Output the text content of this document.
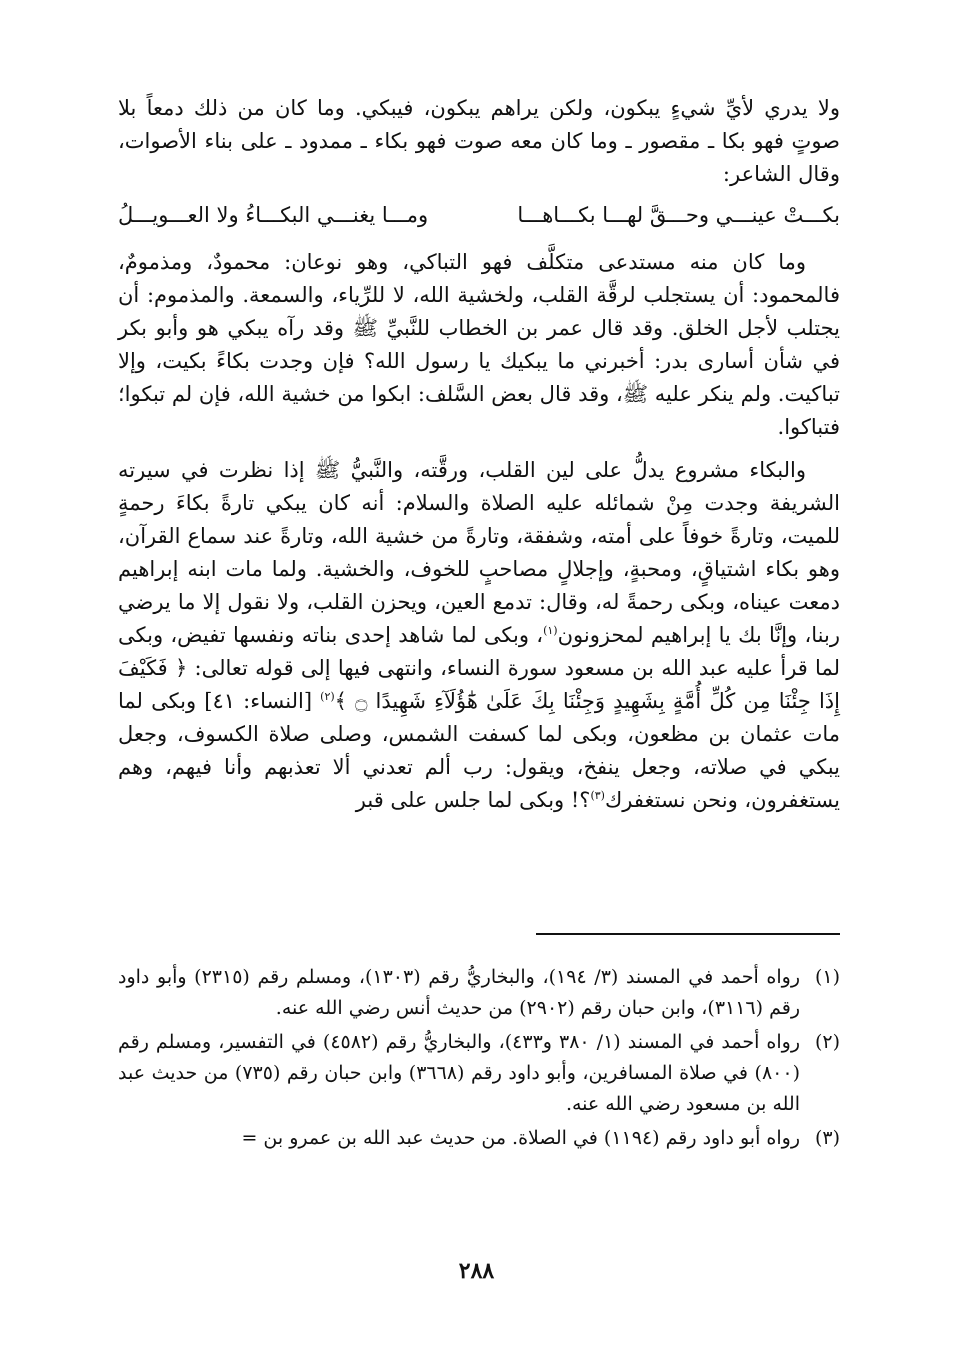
ولا يدري لأيِّ شيءٍ يبكون، ولكن يراهم يبكون، فيبكي. وما كان من ذلك دمعاً بلا صوتٍ فهو بكا ـ مقصور ـ وما كان معه صوت فهو بكاء ـ ممدود ـ على بناء الأصوات، وقال الشاعر:

بكـــتْ عينـــي وحـــقَّ لهـــا بكـــاهـــا
ومـــا يغنـــي البكـــاءُ ولا العـــويـــلُ

وما كان منه مستدعى متكلَّف فهو التباكي، وهو نوعان: محمودٌ، ومذمومٌ، فالمحمود: أن يستجلب لرقَّة القلب، ولخشية الله، لا للرِّياء، والسمعة. والمذموم: أن يجتلب لأجل الخلق. وقد قال عمر بن الخطاب للنَّبيِّ ﷺ وقد رآه يبكي هو وأبو بكر في شأن أسارى بدر: أخبرني ما يبكيك يا رسول الله؟ فإن وجدت بكاءً بكيت، وإلا تباكيت. ولم ينكر عليه ﷺ، وقد قال بعض السَّلف: ابكوا من خشية الله، فإن لم تبكوا؛ فتباكوا.

والبكاء مشروع يدلُّ على لين القلب، ورقَّته، والنَّبيُّ ﷺ إذا نظرت في سيرته الشريفة وجدت مِنْ شمائله عليه الصلاة والسلام: أنه كان يبكي تارةً بكاءَ رحمةٍ للميت، وتارةً خوفاً على أمته، وشفقة، وتارةً من خشية الله، وتارةً عند سماع القرآن، وهو بكاء اشتياقٍ، ومحبةٍ، وإجلالٍ مصاحبٍ للخوف، والخشية. ولما مات ابنه إبراهيم دمعت عيناه، وبكى رحمةً له، وقال: تدمع العين، ويحزن القلب، ولا نقول إلا ما يرضي ربنا، وإنَّا بك يا إبراهيم لمحزونون$^{(١)}$، وبكى لما شاهد إحدى بناته ونفسها تفيض، وبكى لما قرأ عليه عبد الله بن مسعود سورة النساء، وانتهى فيها إلى قوله تعالى: ﴿ فَكَيْفَ إِذَا جِئْنَا مِن كُلِّ أُمَّةٍ بِشَهِيدٍ وَجِئْنَا بِكَ عَلَىٰ هَٰٓؤُلَآءِ شَهِيدًا ۝ ﴾$^{(٢)}$ [النساء: ٤١] وبكى لما مات عثمان بن مظعون، وبكى لما كسفت الشمس، وصلى صلاة الكسوف، وجعل يبكي في صلاته، وجعل ينفخ، ويقول: رب ألم تعدني ألا تعذبهم وأنا فيهم، وهم يستغفرون، ونحن نستغفرك$^{(٣)}$؟! وبكى لما جلس على قبر

(١)
رواه أحمد في المسند (٣/ ١٩٤)، والبخاريُّ رقم (١٣٠٣)، ومسلم رقم (٢٣١٥) وأبو داود رقم (٣١١٦)، وابن حبان رقم (٢٩٠٢) من حديث أنس رضي الله عنه.
(٢)
رواه أحمد في المسند (١/ ٣٨٠ و٤٣٣)، والبخاريُّ رقم (٤٥٨٢) في التفسير، ومسلم رقم (٨٠٠) في صلاة المسافرين، وأبو داود رقم (٣٦٦٨) وابن حبان رقم (٧٣٥) من حديث عبد الله بن مسعود رضي الله عنه.
(٣)
رواه أبو داود رقم (١١٩٤) في الصلاة. من حديث عبد الله بن عمرو بن =
٢٨٨
